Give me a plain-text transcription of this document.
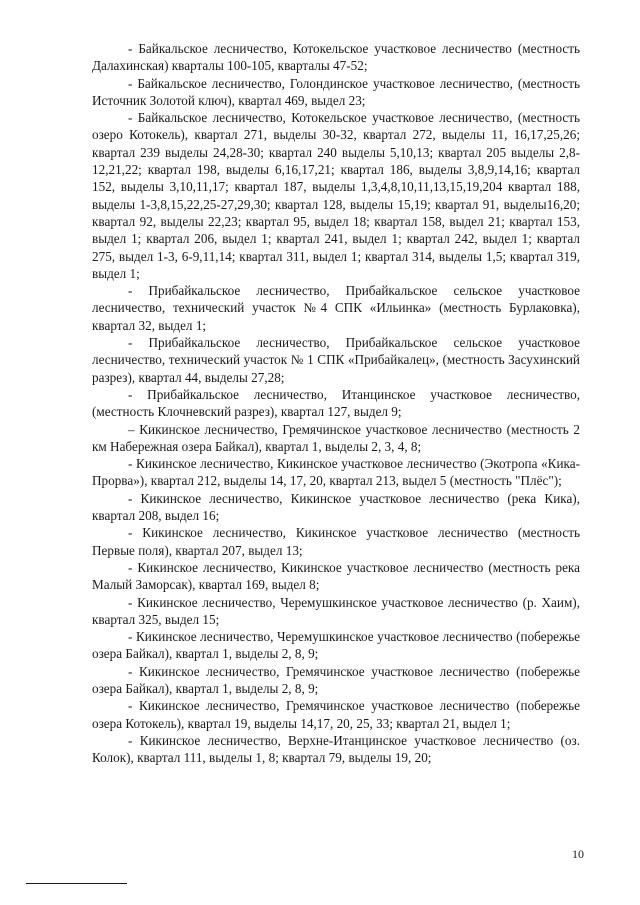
- Байкальское лесничество, Котокельское участковое лесничество (местность Далахинская) кварталы 100-105, кварталы 47-52;

- Байкальское лесничество, Голондинское участковое лесничество, (местность Источник Золотой ключ), квартал 469, выдел 23;

- Байкальское лесничество, Котокельское участковое лесничество, (местность озеро Котокель), квартал 271, выделы 30-32, квартал 272, выделы 11, 16,17,25,26; квартал 239 выделы 24,28-30; квартал 240 выделы 5,10,13; квартал 205 выделы 2,8-12,21,22; квартал 198, выделы 6,16,17,21; квартал 186, выделы 3,8,9,14,16; квартал 152, выделы 3,10,11,17; квартал 187, выделы 1,3,4,8,10,11,13,15,19,204 квартал 188, выделы 1-3,8,15,22,25-27,29,30; квартал 128, выделы 15,19; квартал 91, выделы16,20; квартал 92, выделы 22,23; квартал 95, выдел 18; квартал 158, выдел 21; квартал 153, выдел 1; квартал 206, выдел 1; квартал 241, выдел 1; квартал 242, выдел 1; квартал 275, выдел 1-3, 6-9,11,14; квартал 311, выдел 1; квартал 314, выделы 1,5; квартал 319, выдел 1;

- Прибайкальское лесничество, Прибайкальское сельское участковое лесничество, технический участок №4 СПК «Ильинка» (местность Бурлаковка), квартал 32, выдел 1;

- Прибайкальское лесничество, Прибайкальское сельское участковое лесничество, технический участок № 1 СПК «Прибайкалец», (местность Засухинский разрез), квартал 44, выделы 27,28;

- Прибайкальское лесничество, Итанцинское участковое лесничество, (местность Клочневский разрез), квартал 127, выдел 9;

– Кикинское лесничество, Гремячинское участковое лесничество (местность 2 км Набережная озера Байкал), квартал 1, выделы 2, 3, 4, 8;

- Кикинское лесничество, Кикинское участковое лесничество (Экотропа «Кика-Прорва»), квартал 212, выделы 14, 17, 20, квартал 213, выдел 5 (местность "Плёс");

- Кикинское лесничество, Кикинское участковое лесничество (река Кика), квартал 208, выдел 16;

- Кикинское лесничество, Кикинское участковое лесничество (местность Первые поля), квартал 207, выдел 13;

- Кикинское лесничество, Кикинское участковое лесничество (местность река Малый Заморсак), квартал 169, выдел 8;

- Кикинское лесничество, Черемушкинское участковое лесничество (р. Хаим), квартал 325, выдел 15;

- Кикинское лесничество, Черемушкинское участковое лесничество (побережье озера Байкал), квартал 1, выделы 2, 8, 9;

- Кикинское лесничество, Гремячинское участковое лесничество (побережье озера Байкал), квартал 1, выделы 2, 8, 9;

- Кикинское лесничество, Гремячинское участковое лесничество (побережье озера Котокель), квартал 19, выделы 14,17, 20, 25, 33; квартал 21, выдел 1;

- Кикинское лесничество, Верхне-Итанцинское участковое лесничество (оз. Колок), квартал 111, выделы 1, 8; квартал 79, выделы 19, 20;

10
